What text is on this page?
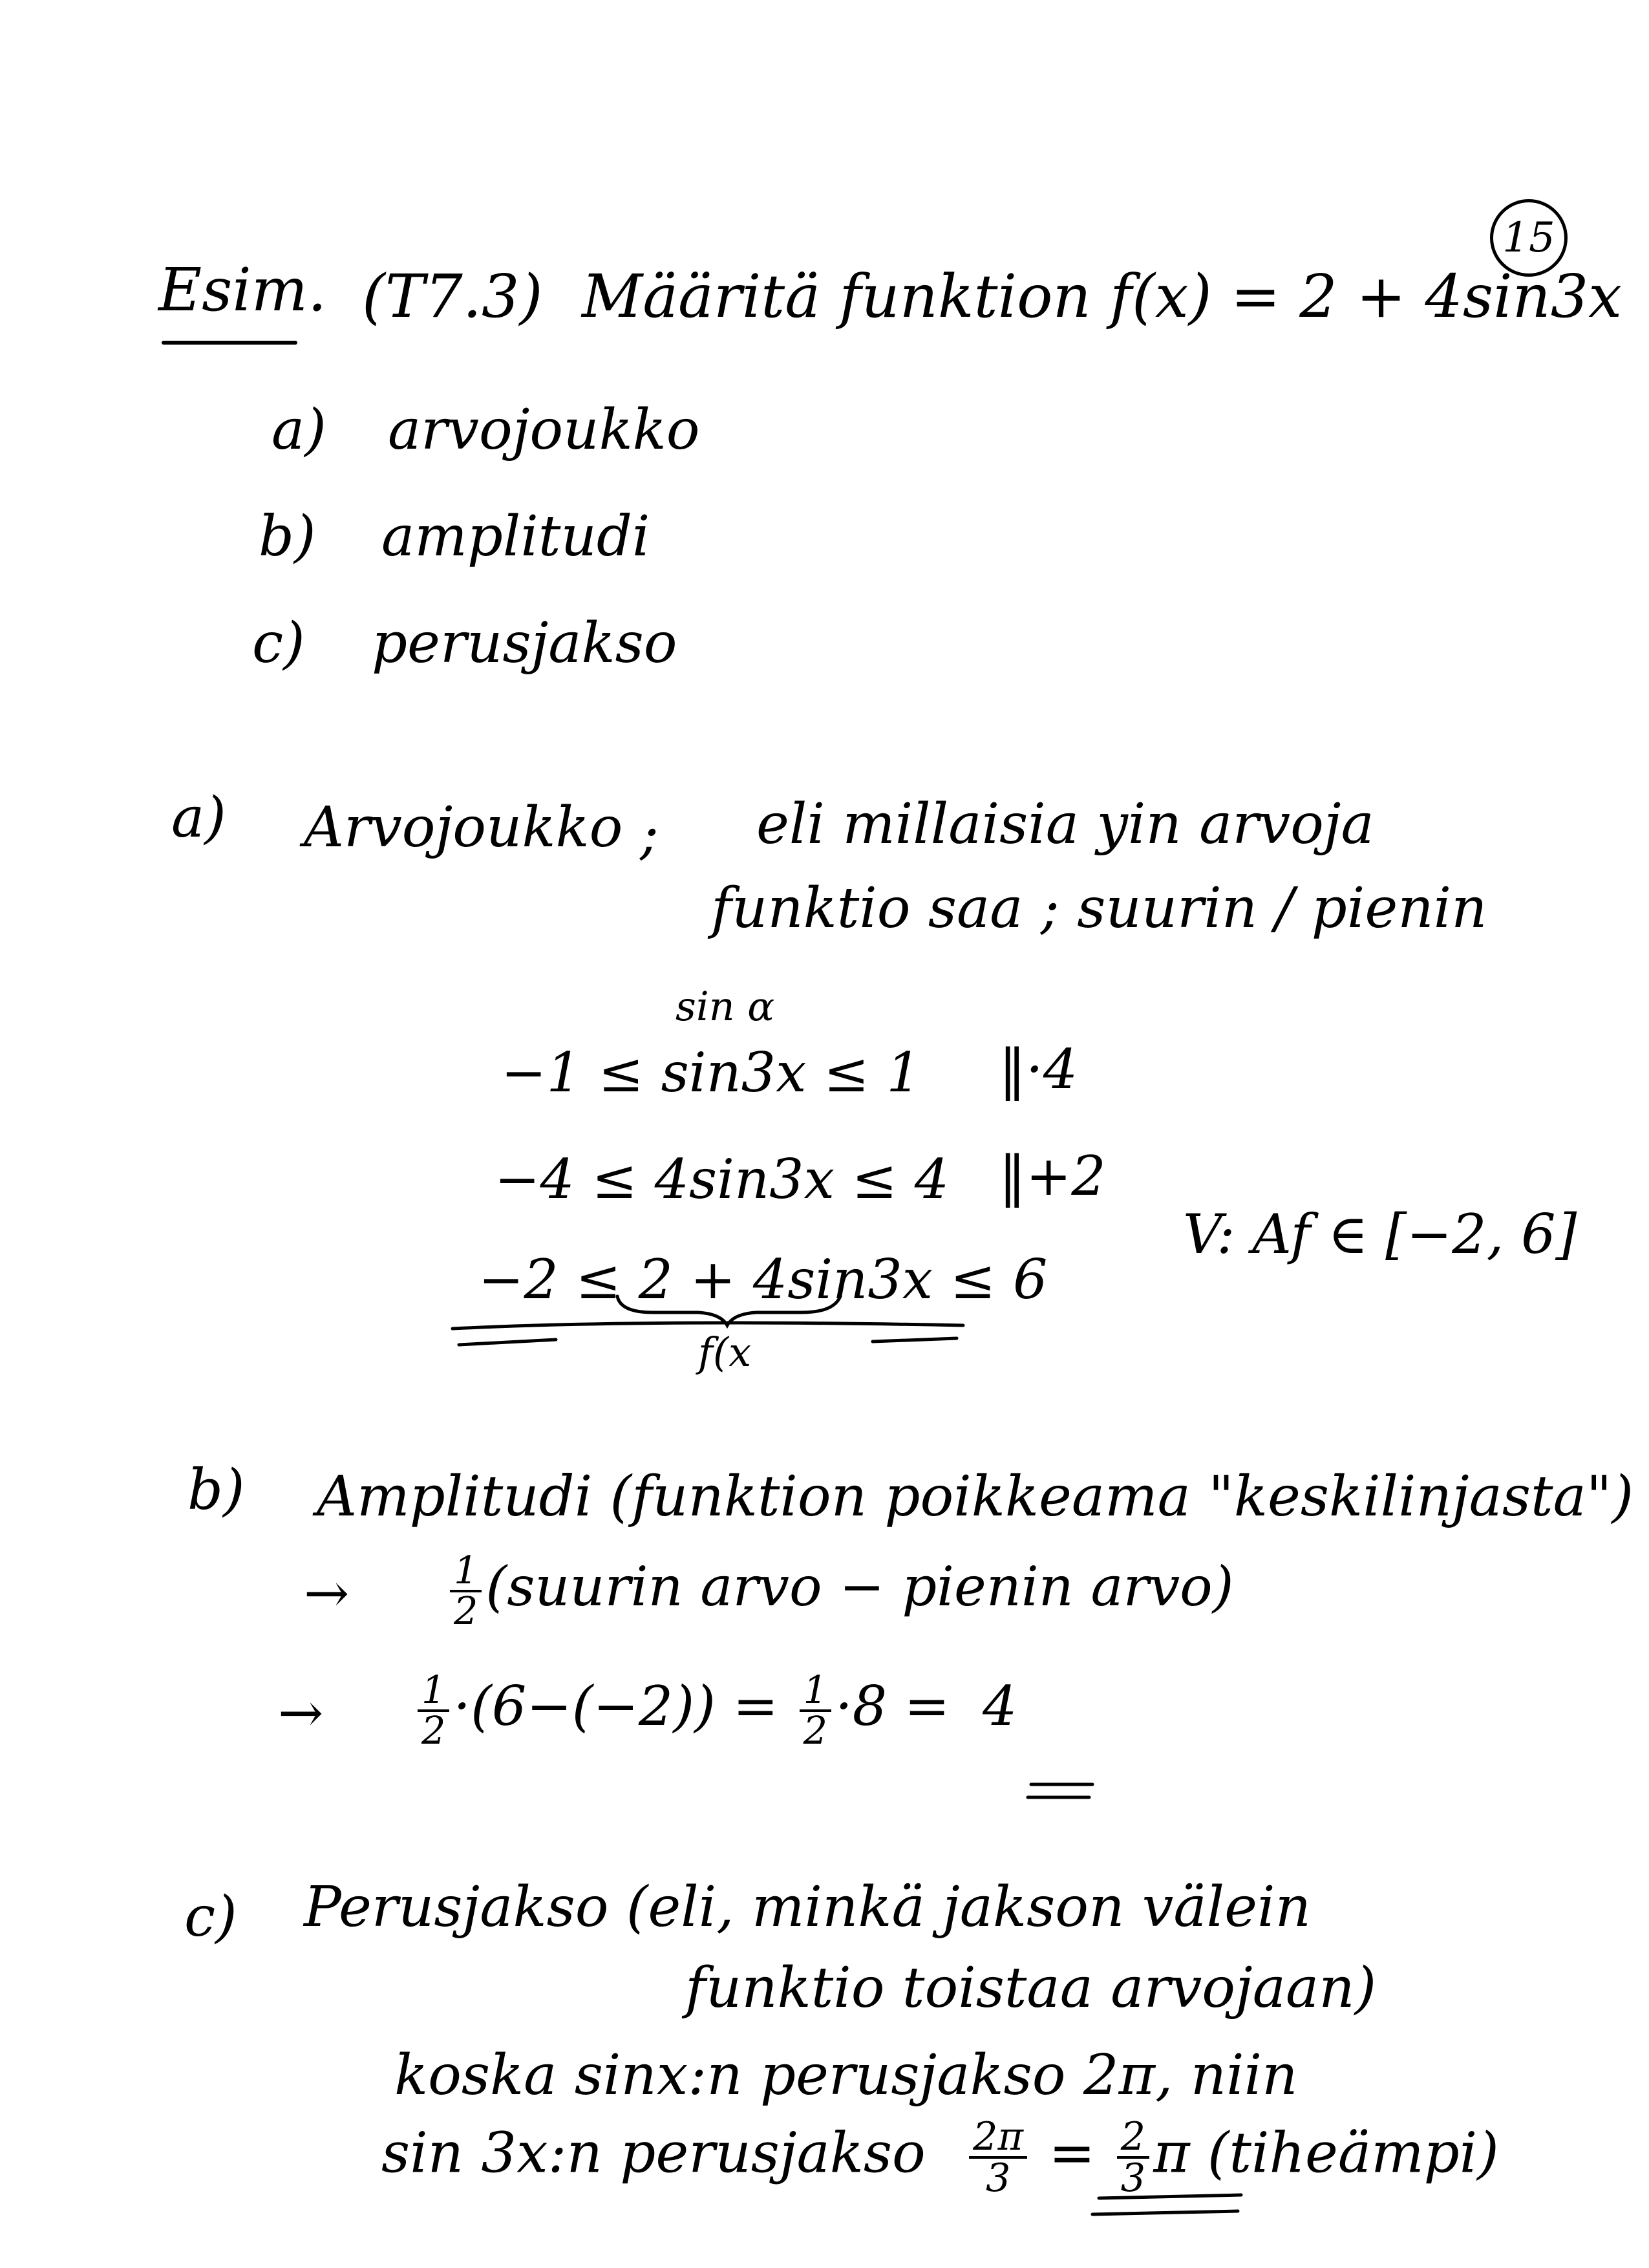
15
Esim. (T7.3) Määritä funktion f(x) = 2 + 4sin3x
a) arvojoukko
b) amplitudi
c) perusjakso
a) Arvojoukko ; eli millaisia yin arvoja
funktio saa ; suurin / pienin
sin α
−1 ≤ sin3x ≤ 1 ‖·4
−4 ≤ 4sin3x ≤ 4 ‖+2
−2 ≤ 2 + 4sin3x ≤ 6
f(x
V: Af ∈ [−2, 6]
b) Amplitudi (funktion poikkeama "keskilinjasta")
→	$\frac{1}{2}$ (suurin arvo − pienin arvo)
→ $\frac{1}{2} \cdot(6-(-2)) = \frac{1}{2} \cdot 8 = 4$
c) Perusjakso (eli, minkä jakson välein
funktio toistaa arvojaan)
koska sinx:n perusjakso 2π, niin
sin 3x:n perusjakso $\frac{2\pi}{3} = \frac{2}{3}$ π (tiheämpi)
